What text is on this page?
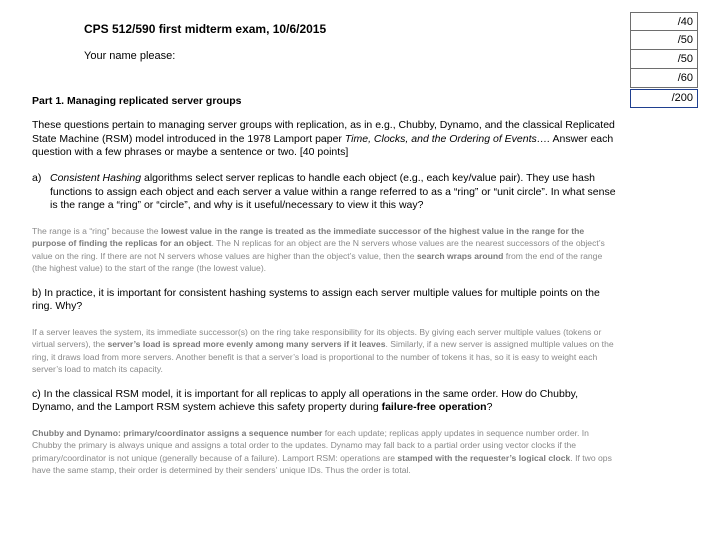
CPS 512/590 first midterm exam, 10/6/2015
Your name please:
/40
/50
/50
/60
/200
Part 1. Managing replicated server groups
These questions pertain to managing server groups with replication, as in e.g., Chubby, Dynamo, and the classical Replicated State Machine (RSM) model introduced in the 1978 Lamport paper Time, Clocks, and the Ordering of Events…. Answer each question with a few phrases or maybe a sentence or two. [40 points]
a) Consistent Hashing algorithms select server replicas to handle each object (e.g., each key/value pair). They use hash functions to assign each object and each server a value within a range referred to as a “ring” or “unit circle”. In what sense is the range a “ring” or “circle”, and why is it useful/necessary to view it this way?
The range is a “ring” because the lowest value in the range is treated as the immediate successor of the highest value in the range for the purpose of finding the replicas for an object. The N replicas for an object are the N servers whose values are the nearest successors of the object’s value on the ring. If there are not N servers whose values are higher than the object’s value, then the search wraps around from the end of the range (the highest value) to the start of the range (the lowest value).
b) In practice, it is important for consistent hashing systems to assign each server multiple values for multiple points on the ring. Why?
If a server leaves the system, its immediate successor(s) on the ring take responsibility for its objects. By giving each server multiple values (tokens or virtual servers), the server’s load is spread more evenly among many servers if it leaves. Similarly, if a new server is assigned multiple values on the ring, it draws load from more servers. Another benefit is that a server’s load is proportional to the number of tokens it has, so it is easy to weight each server’s load to match its capacity.
c) In the classical RSM model, it is important for all replicas to apply all operations in the same order. How do Chubby, Dynamo, and the Lamport RSM system achieve this safety property during failure-free operation?
Chubby and Dynamo: primary/coordinator assigns a sequence number for each update; replicas apply updates in sequence number order. In Chubby the primary is always unique and assigns a total order to the updates. Dynamo may fall back to a partial order using vector clocks if the primary/coordinator is not unique (generally because of a failure). Lamport RSM: operations are stamped with the requester’s logical clock. If two ops have the same stamp, their order is determined by their senders’ unique IDs. Thus the order is total.
